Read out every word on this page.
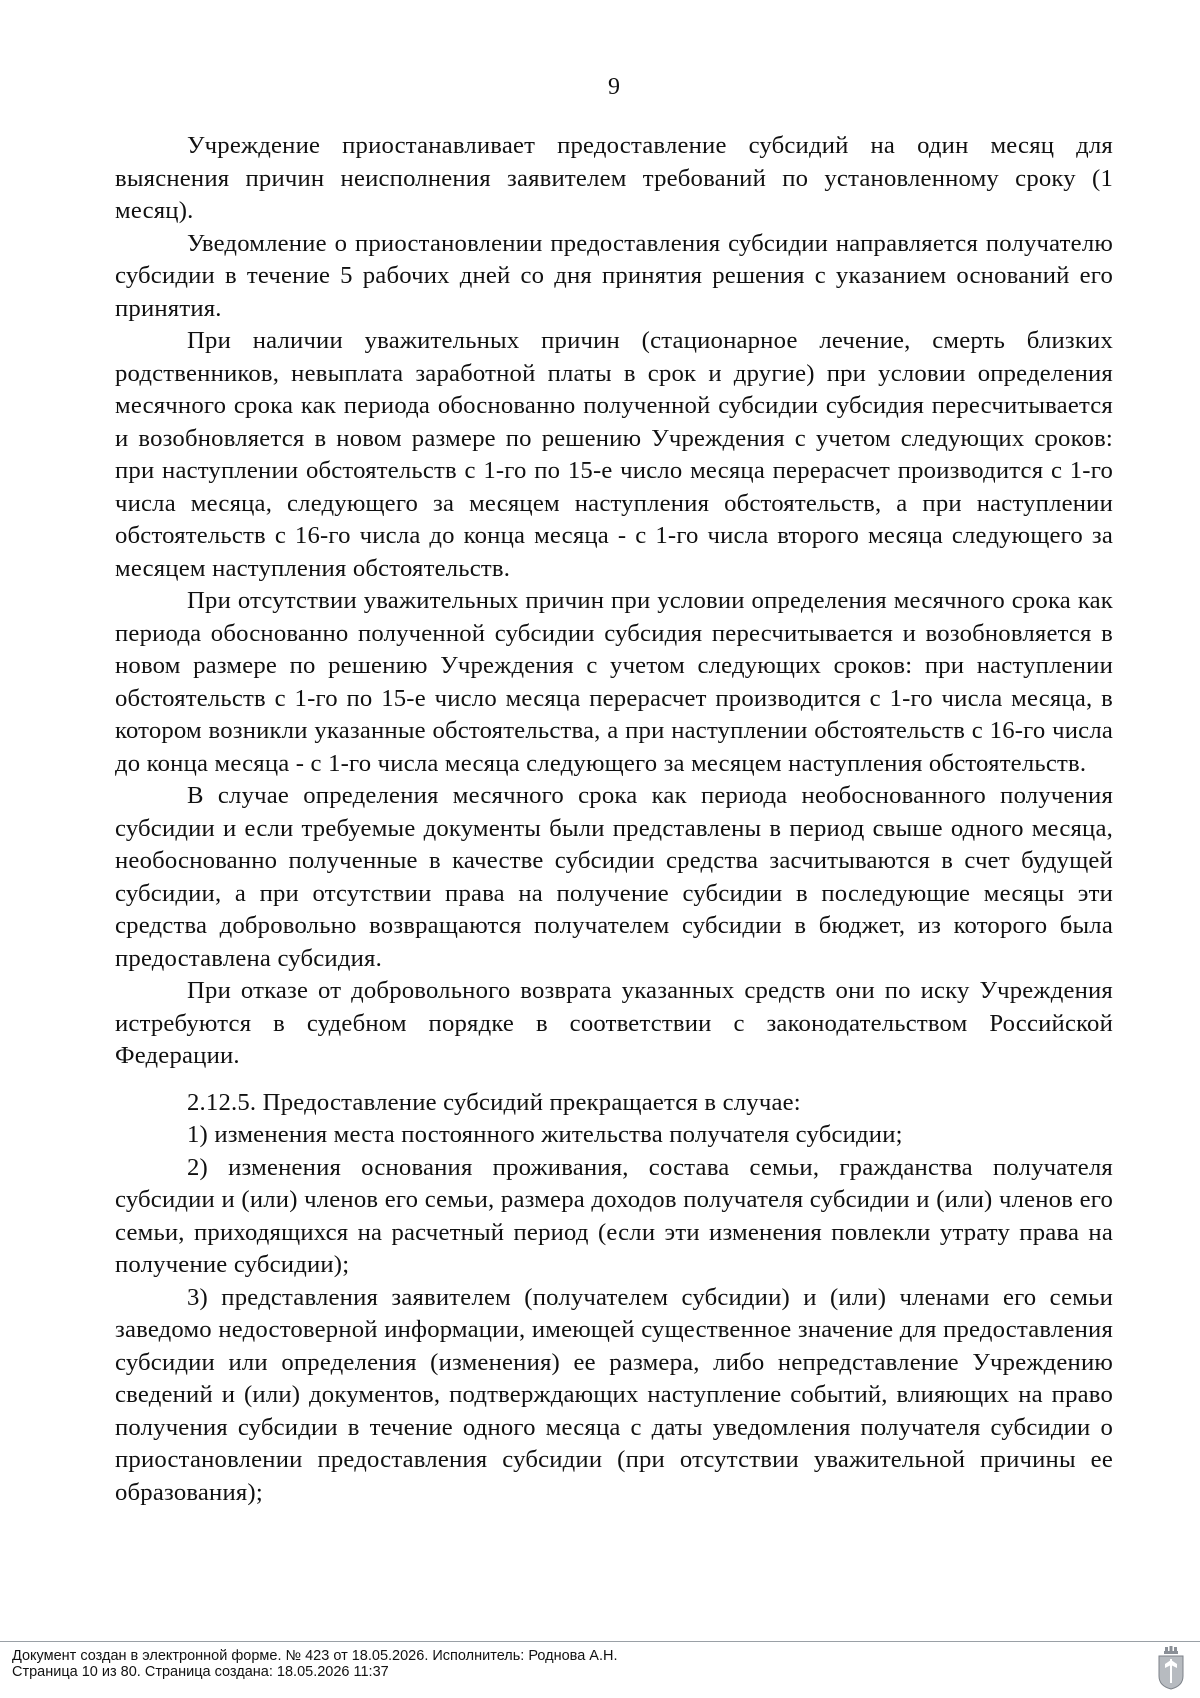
9

Учреждение приостанавливает предоставление субсидий на один месяц для выяснения причин неисполнения заявителем требований по установленному сроку (1 месяц).

Уведомление о приостановлении предоставления субсидии направляется получателю субсидии в течение 5 рабочих дней со дня принятия решения с указанием оснований его принятия.

При наличии уважительных причин (стационарное лечение, смерть близких родственников, невыплата заработной платы в срок и другие) при условии определения месячного срока как периода обоснованно полученной субсидии субсидия пересчитывается и возобновляется в новом размере по решению Учреждения с учетом следующих сроков: при наступлении обстоятельств с 1-го по 15-е число месяца перерасчет производится с 1-го числа месяца, следующего за месяцем наступления обстоятельств, а при наступлении обстоятельств с 16-го числа до конца месяца - с 1-го числа второго месяца следующего за месяцем наступления обстоятельств.

При отсутствии уважительных причин при условии определения месячного срока как периода обоснованно полученной субсидии субсидия пересчитывается и возобновляется в новом размере по решению Учреждения с учетом следующих сроков: при наступлении обстоятельств с 1-го по 15-е число месяца перерасчет производится с 1-го числа месяца, в котором возникли указанные обстоятельства, а при наступлении обстоятельств с 16-го числа до конца месяца - с 1-го числа месяца следующего за месяцем наступления обстоятельств.

В случае определения месячного срока как периода необоснованного получения субсидии и если требуемые документы были представлены в период свыше одного месяца, необоснованно полученные в качестве субсидии средства засчитываются в счет будущей субсидии, а при отсутствии права на получение субсидии в последующие месяцы эти средства добровольно возвращаются получателем субсидии в бюджет, из которого была предоставлена субсидия.

При отказе от добровольного возврата указанных средств они по иску Учреждения истребуются в судебном порядке в соответствии с законодательством Российской Федерации.

2.12.5. Предоставление субсидий прекращается в случае:

1) изменения места постоянного жительства получателя субсидии;

2) изменения основания проживания, состава семьи, гражданства получателя субсидии и (или) членов его семьи, размера доходов получателя субсидии и (или) членов его семьи, приходящихся на расчетный период (если эти изменения повлекли утрату права на получение субсидии);

3) представления заявителем (получателем субсидии) и (или) членами его семьи заведомо недостоверной информации, имеющей существенное значение для предоставления субсидии или определения (изменения) ее размера, либо непредставление Учреждению сведений и (или) документов, подтверждающих наступление событий, влияющих на право получения субсидии в течение одного месяца с даты уведомления получателя субсидии о приостановлении предоставления субсидии (при отсутствии уважительной причины ее образования);

Документ создан в электронной форме. № 423 от 18.05.2026. Исполнитель: Роднова А.Н.
Страница 10 из 80. Страница создана: 18.05.2026 11:37
